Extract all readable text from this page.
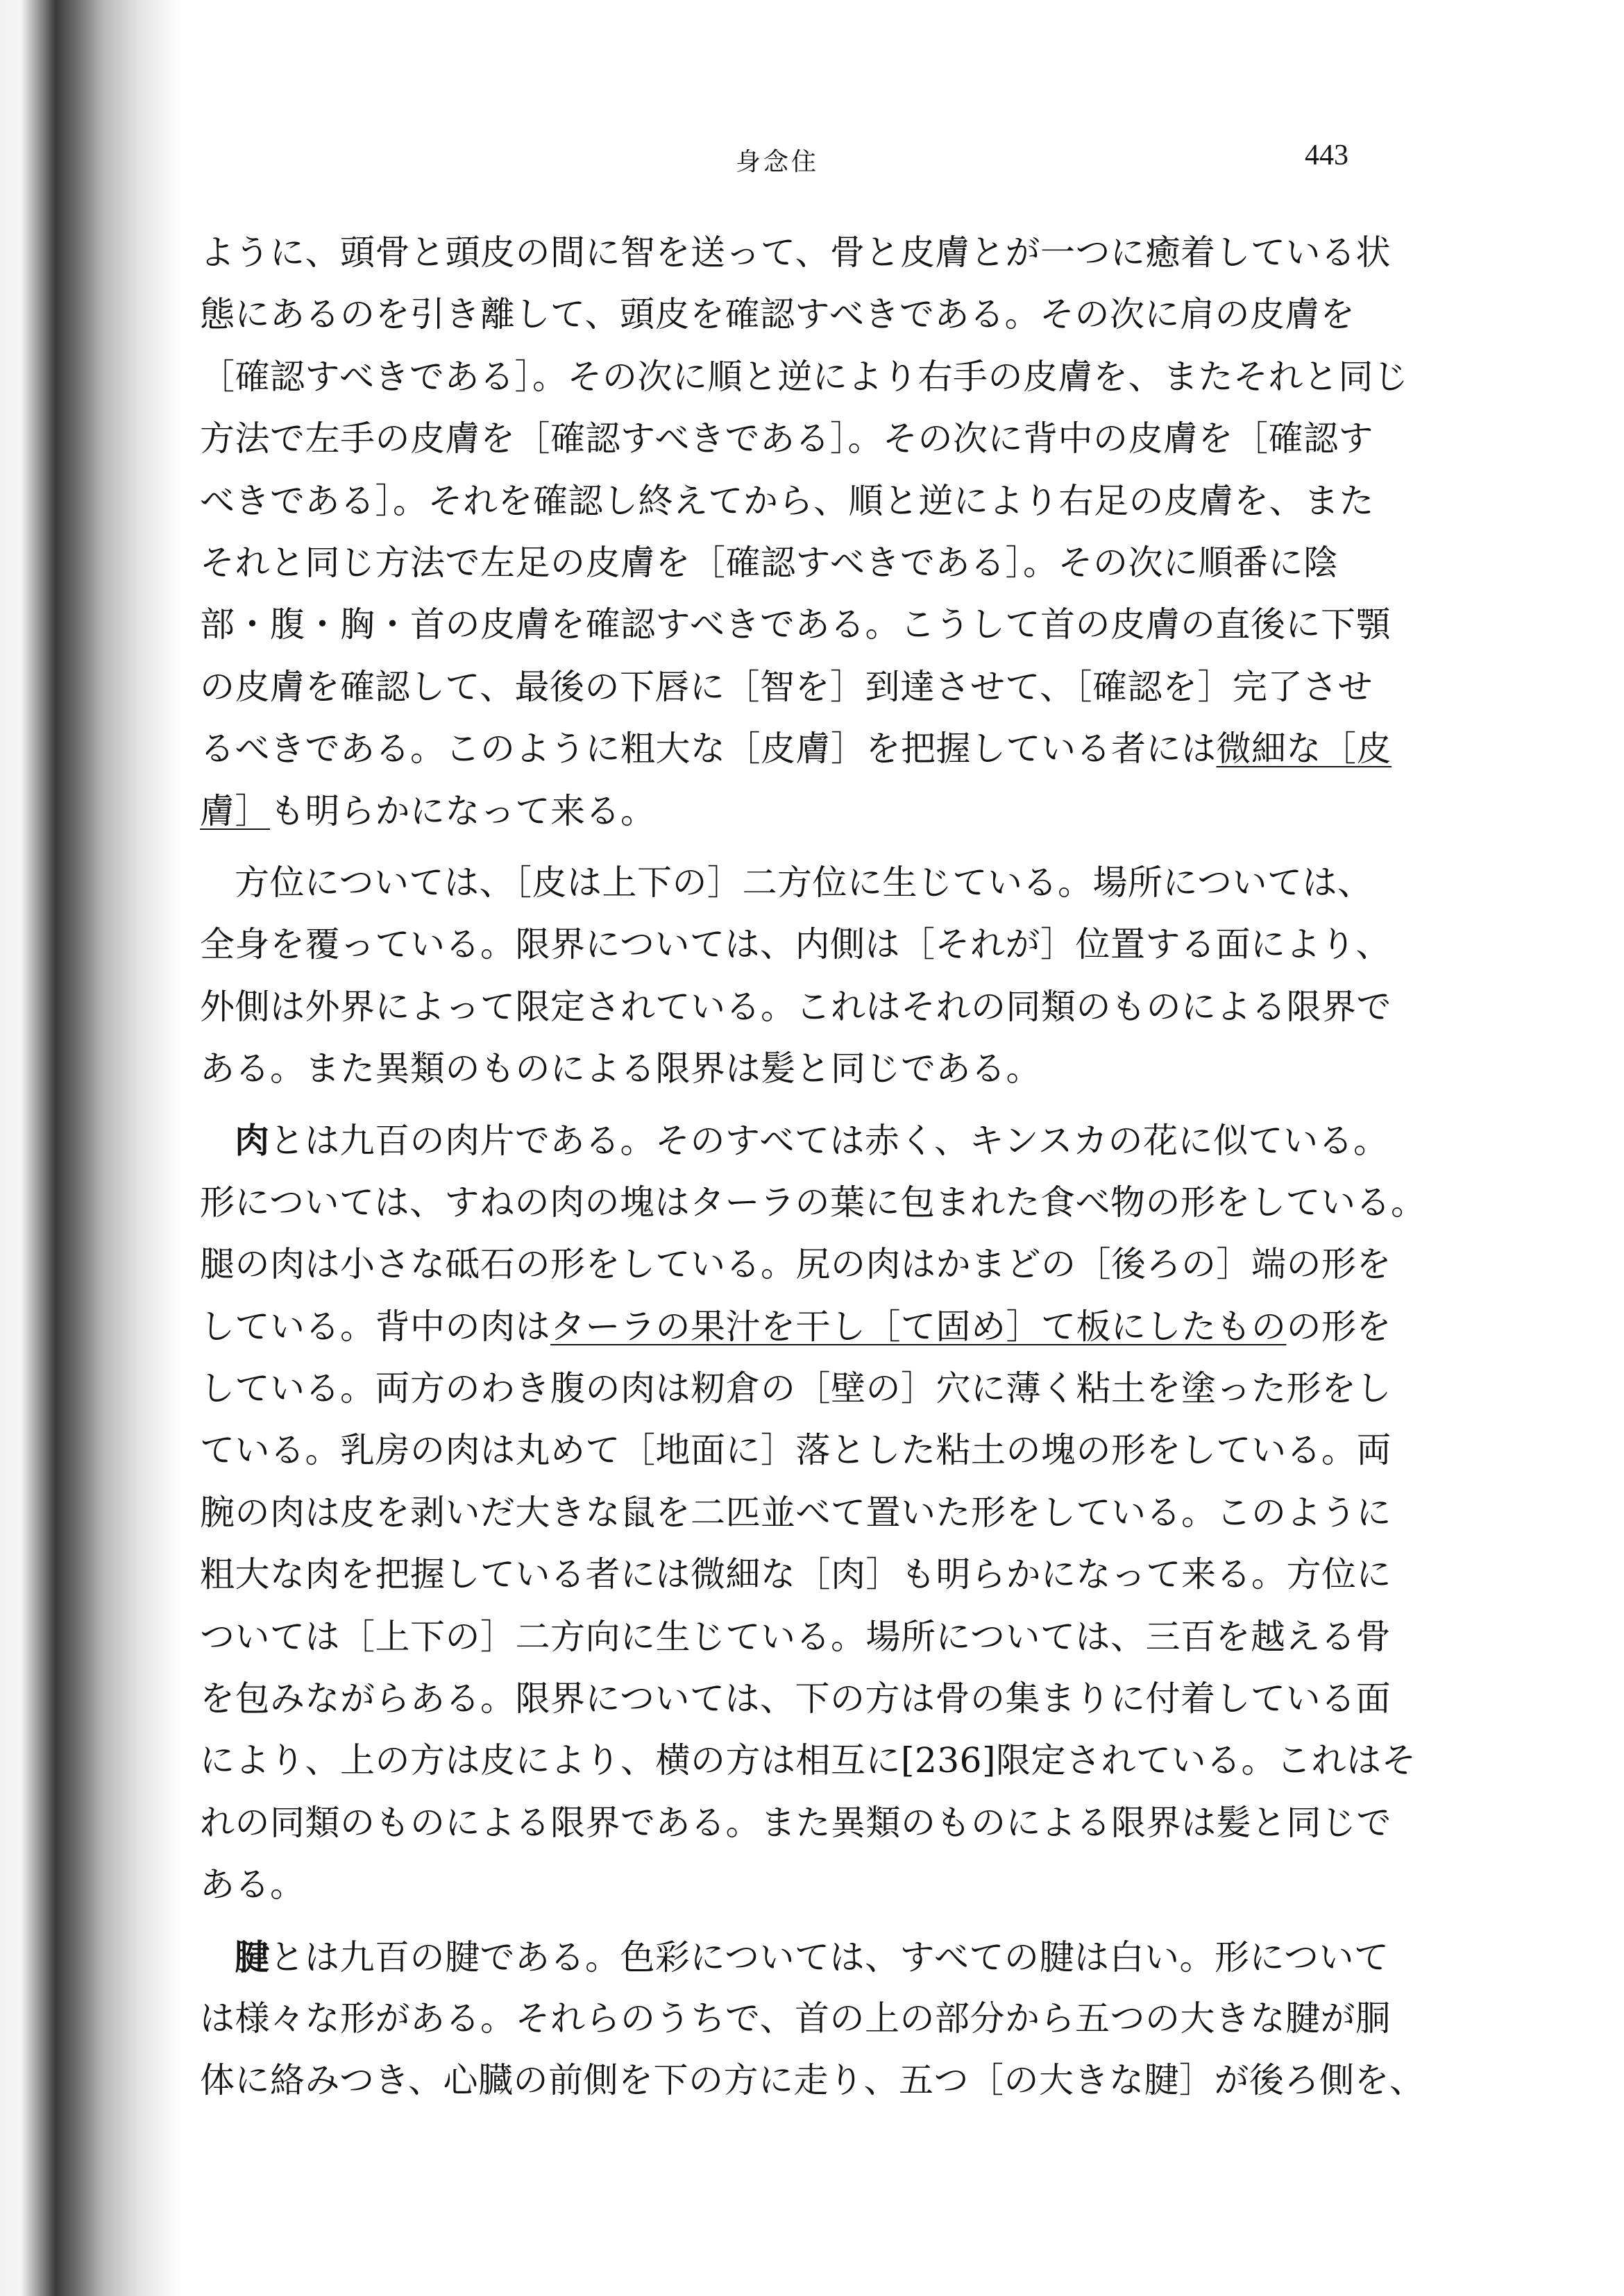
身念住	443
ように、頭骨と頭皮の間に智を送って、骨と皮膚とが一つに癒着している状
態にあるのを引き離して、頭皮を確認すべきである。その次に肩の皮膚を
［確認すべきである］。その次に順と逆により右手の皮膚を、またそれと同じ
方法で左手の皮膚を［確認すべきである］。その次に背中の皮膚を［確認す
べきである］。それを確認し終えてから、順と逆により右足の皮膚を、また
それと同じ方法で左足の皮膚を［確認すべきである］。その次に順番に陰
部・腹・胸・首の皮膚を確認すべきである。こうして首の皮膚の直後に下顎
の皮膚を確認して、最後の下唇に［智を］到達させて、［確認を］完了させ
るべきである。このように粗大な［皮膚］を把握している者には微細な［皮
膚］も明らかになって来る。
方位については、［皮は上下の］二方位に生じている。場所については、
全身を覆っている。限界については、内側は［それが］位置する面により、
外側は外界によって限定されている。これはそれの同類のものによる限界で
ある。また異類のものによる限界は髪と同じである。
肉とは九百の肉片である。そのすべては赤く、キンスカの花に似ている。
形については、すねの肉の塊はターラの葉に包まれた食べ物の形をしている。
腿の肉は小さな砥石の形をしている。尻の肉はかまどの［後ろの］端の形を
している。背中の肉はターラの果汁を干し［て固め］て板にしたものの形を
している。両方のわき腹の肉は籾倉の［壁の］穴に薄く粘土を塗った形をし
ている。乳房の肉は丸めて［地面に］落とした粘土の塊の形をしている。両
腕の肉は皮を剥いだ大きな鼠を二匹並べて置いた形をしている。このように
粗大な肉を把握している者には微細な［肉］も明らかになって来る。方位に
ついては［上下の］二方向に生じている。場所については、三百を越える骨
を包みながらある。限界については、下の方は骨の集まりに付着している面
により、上の方は皮により、横の方は相互に[236]限定されている。これはそ
れの同類のものによる限界である。また異類のものによる限界は髪と同じで
ある。
腱とは九百の腱である。色彩については、すべての腱は白い。形について
は様々な形がある。それらのうちで、首の上の部分から五つの大きな腱が胴
体に絡みつき、心臓の前側を下の方に走り、五つ［の大きな腱］が後ろ側を、
